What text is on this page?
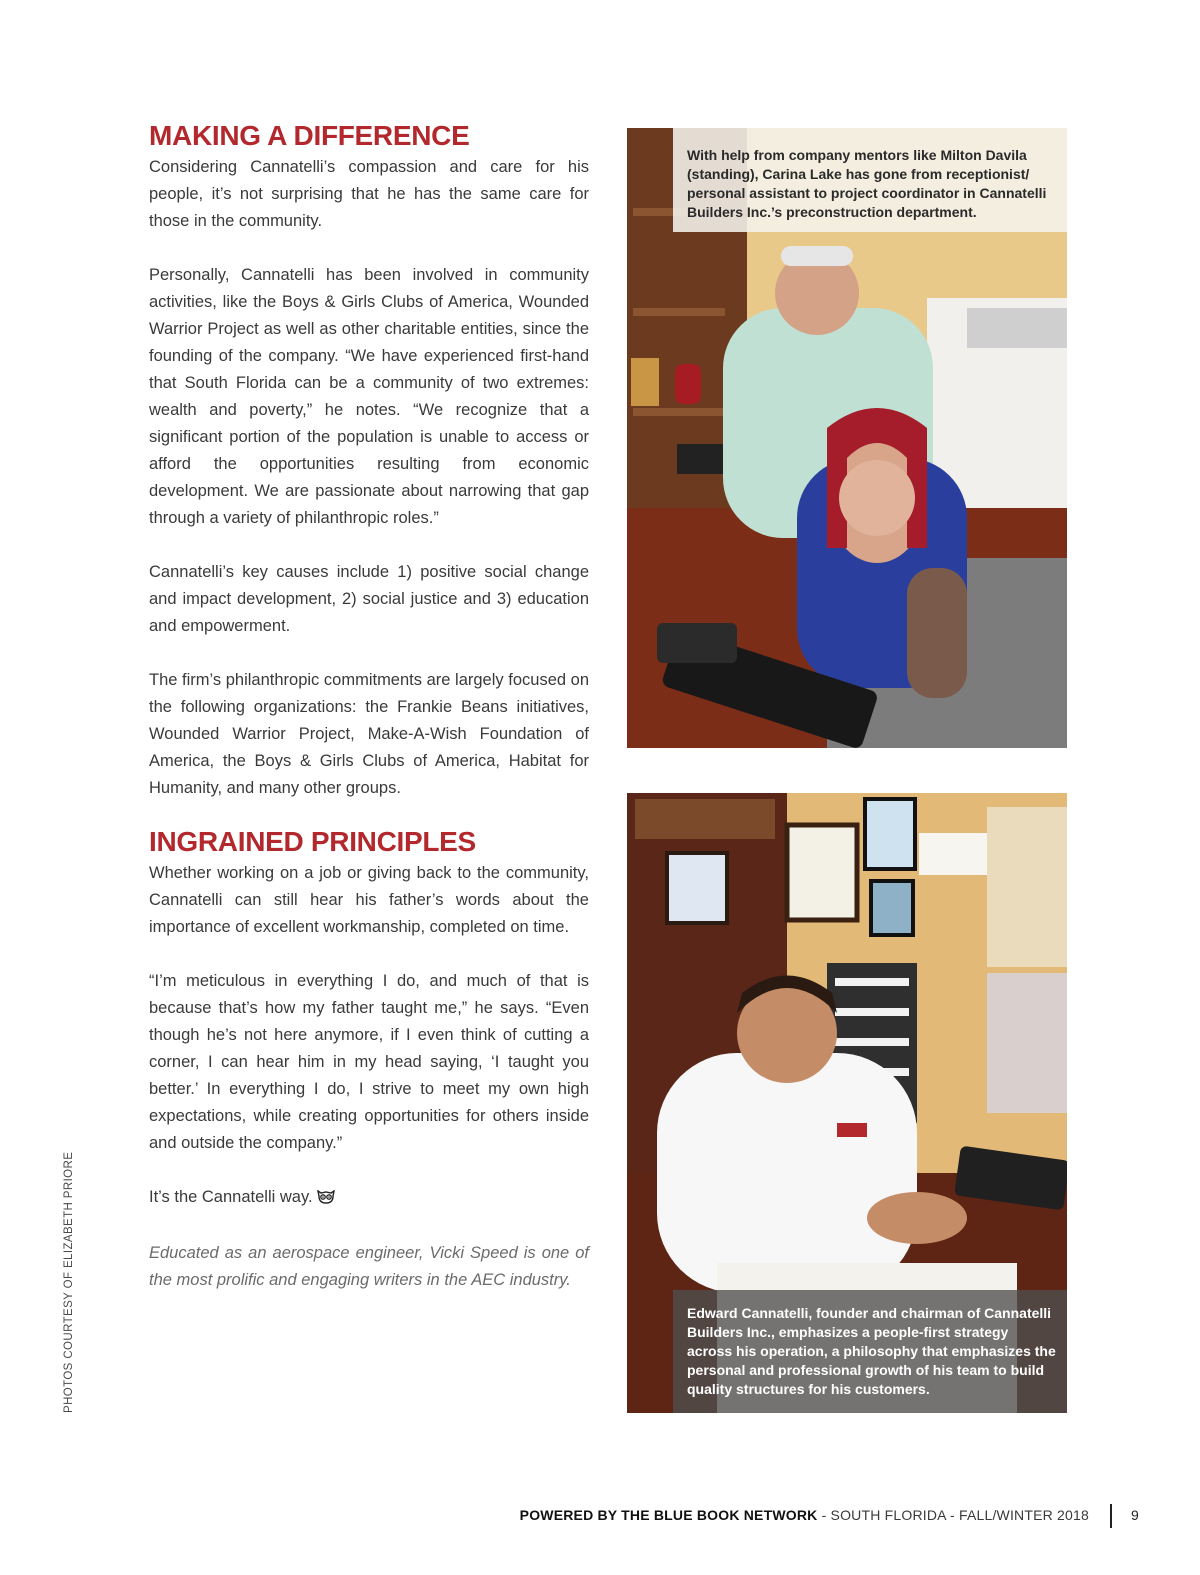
MAKING A DIFFERENCE

Considering Cannatelli’s compassion and care for his people, it’s not surprising that he has the same care for those in the community.

Personally, Cannatelli has been involved in community activities, like the Boys & Girls Clubs of America, Wounded Warrior Project as well as other charitable entities, since the founding of the company. “We have experienced first-hand that South Florida can be a community of two extremes: wealth and poverty,” he notes. “We recognize that a significant portion of the population is unable to access or afford the opportunities resulting from economic development. We are passionate about narrowing that gap through a variety of philanthropic roles.”

Cannatelli’s key causes include 1) positive social change and impact development, 2) social justice and 3) education and empowerment.

The firm’s philanthropic commitments are largely focused on the following organizations: the Frankie Beans initiatives, Wounded Warrior Project, Make-A-Wish Foundation of America, the Boys & Girls Clubs of America, Habitat for Humanity, and many other groups.

INGRAINED PRINCIPLES

Whether working on a job or giving back to the community, Cannatelli can still hear his father’s words about the importance of excellent workmanship, completed on time.

“I’m meticulous in everything I do, and much of that is because that’s how my father taught me,” he says. “Even though he’s not here anymore, if I even think of cutting a corner, I can hear him in my head saying, ‘I taught you better.’ In everything I do, I strive to meet my own high expectations, while creating opportunities for others inside and outside the company.”

It’s the Cannatelli way.

Educated as an aerospace engineer, Vicki Speed is one of the most prolific and engaging writers in the AEC industry.

With help from company mentors like Milton Davila (standing), Carina Lake has gone from receptionist/ personal assistant to project coordinator in Cannatelli Builders Inc.’s preconstruction department.
Edward Cannatelli, founder and chairman of Cannatelli Builders Inc., emphasizes a people-first strategy across his operation, a philosophy that emphasizes the personal and professional growth of his team to build quality structures for his customers.
PHOTOS COURTESY OF ELIZABETH PRIORE
POWERED BY THE BLUE BOOK NETWORK - SOUTH FLORIDA - FALL/WINTER 2018	9
